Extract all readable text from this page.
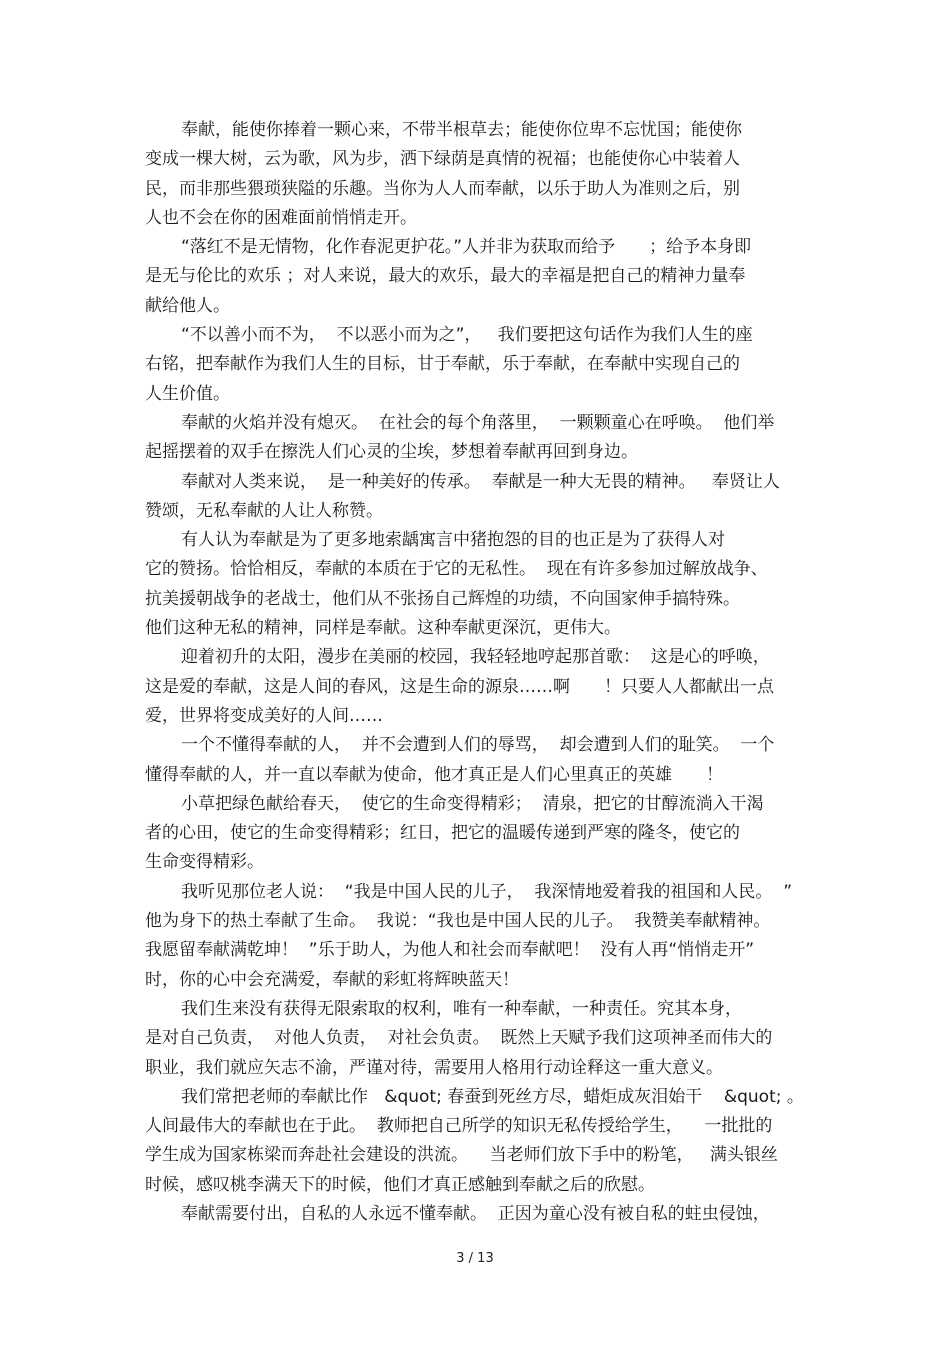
奉献，能使你捧着一颗心来，不带半根草去；能使你位卑不忘忧国；能使你
变成一棵大树，云为歌，风为步，洒下绿荫是真情的祝福；也能使你心中装着人
民，而非那些猥琐狭隘的乐趣。当你为人人而奉献，以乐于助人为准则之后，别
人也不会在你的困难面前悄悄走开。
“落红不是无情物，化作春泥更护花。”人并非为获取而给予　　；给予本身即
是无与伦比的欢乐 ；对人来说，最大的欢乐，最大的幸福是把自己的精神力量奉
献给他人。
“不以善小而不为，  不以恶小而为之”，   我们要把这句话作为我们人生的座
右铭，把奉献作为我们人生的目标，甘于奉献，乐于奉献，在奉献中实现自己的
人生价值。
奉献的火焰并没有熄灭。  在社会的每个角落里，  一颗颗童心在呼唤。  他们举
起摇摆着的双手在擦洗人们心灵的尘埃，梦想着奉献再回到身边。
奉献对人类来说，  是一种美好的传承。  奉献是一种大无畏的精神。   奉贤让人
赞颂，无私奉献的人让人称赞。
有人认为奉献是为了更多地索龋寓言中猪抱怨的目的也正是为了获得人对
它的赞扬。恰恰相反，奉献的本质在于它的无私性。  现在有许多参加过解放战争、
抗美援朝战争的老战士，他们从不张扬自己辉煌的功绩，不向国家伸手搞特殊。
他们这种无私的精神，同样是奉献。这种奉献更深沉，更伟大。
迎着初升的太阳，漫步在美丽的校园，我轻轻地哼起那首歌：  这是心的呼唤，
这是爱的奉献，这是人间的春风，这是生命的源泉……啊　　！只要人人都献出一点
爱，世界将变成美好的人间……
一个不懂得奉献的人，  并不会遭到人们的辱骂，  却会遭到人们的耻笑。  一个
懂得奉献的人，并一直以奉献为使命，他才真正是人们心里真正的英雄　　！
小草把绿色献给春天，  使它的生命变得精彩；  清泉，把它的甘醇流淌入干渴
者的心田，使它的生命变得精彩；红日，把它的温暖传递到严寒的隆冬，使它的
生命变得精彩。
我听见那位老人说：  “我是中国人民的儿子，  我深情地爱着我的祖国和人民。  ”
他为身下的热土奉献了生命。  我说：“我也是中国人民的儿子。  我赞美奉献精神。
我愿留奉献满乾坤！  ”乐于助人，为他人和社会而奉献吧！  没有人再“悄悄走开”
时，你的心中会充满爱，奉献的彩虹将辉映蓝天！
我们生来没有获得无限索取的权利，唯有一种奉献，一种责任。究其本身，
是对自己负责，  对他人负责，  对社会负责。  既然上天赋予我们这项神圣而伟大的
职业，我们就应矢志不渝，严谨对待，需要用人格用行动诠释这一重大意义。
我们常把老师的奉献比作   &quot; 春蚕到死丝方尽，蜡炬成灰泪始干    &quot; 。
人间最伟大的奉献也在于此。  教师把自己所学的知识无私传授给学生，    一批批的
学生成为国家栋梁而奔赴社会建设的洪流。    当老师们放下手中的粉笔，   满头银丝
时候，感叹桃李满天下的时候，他们才真正感触到奉献之后的欣慰。
奉献需要付出，自私的人永远不懂奉献。  正因为童心没有被自私的蛀虫侵蚀，
3 / 13
